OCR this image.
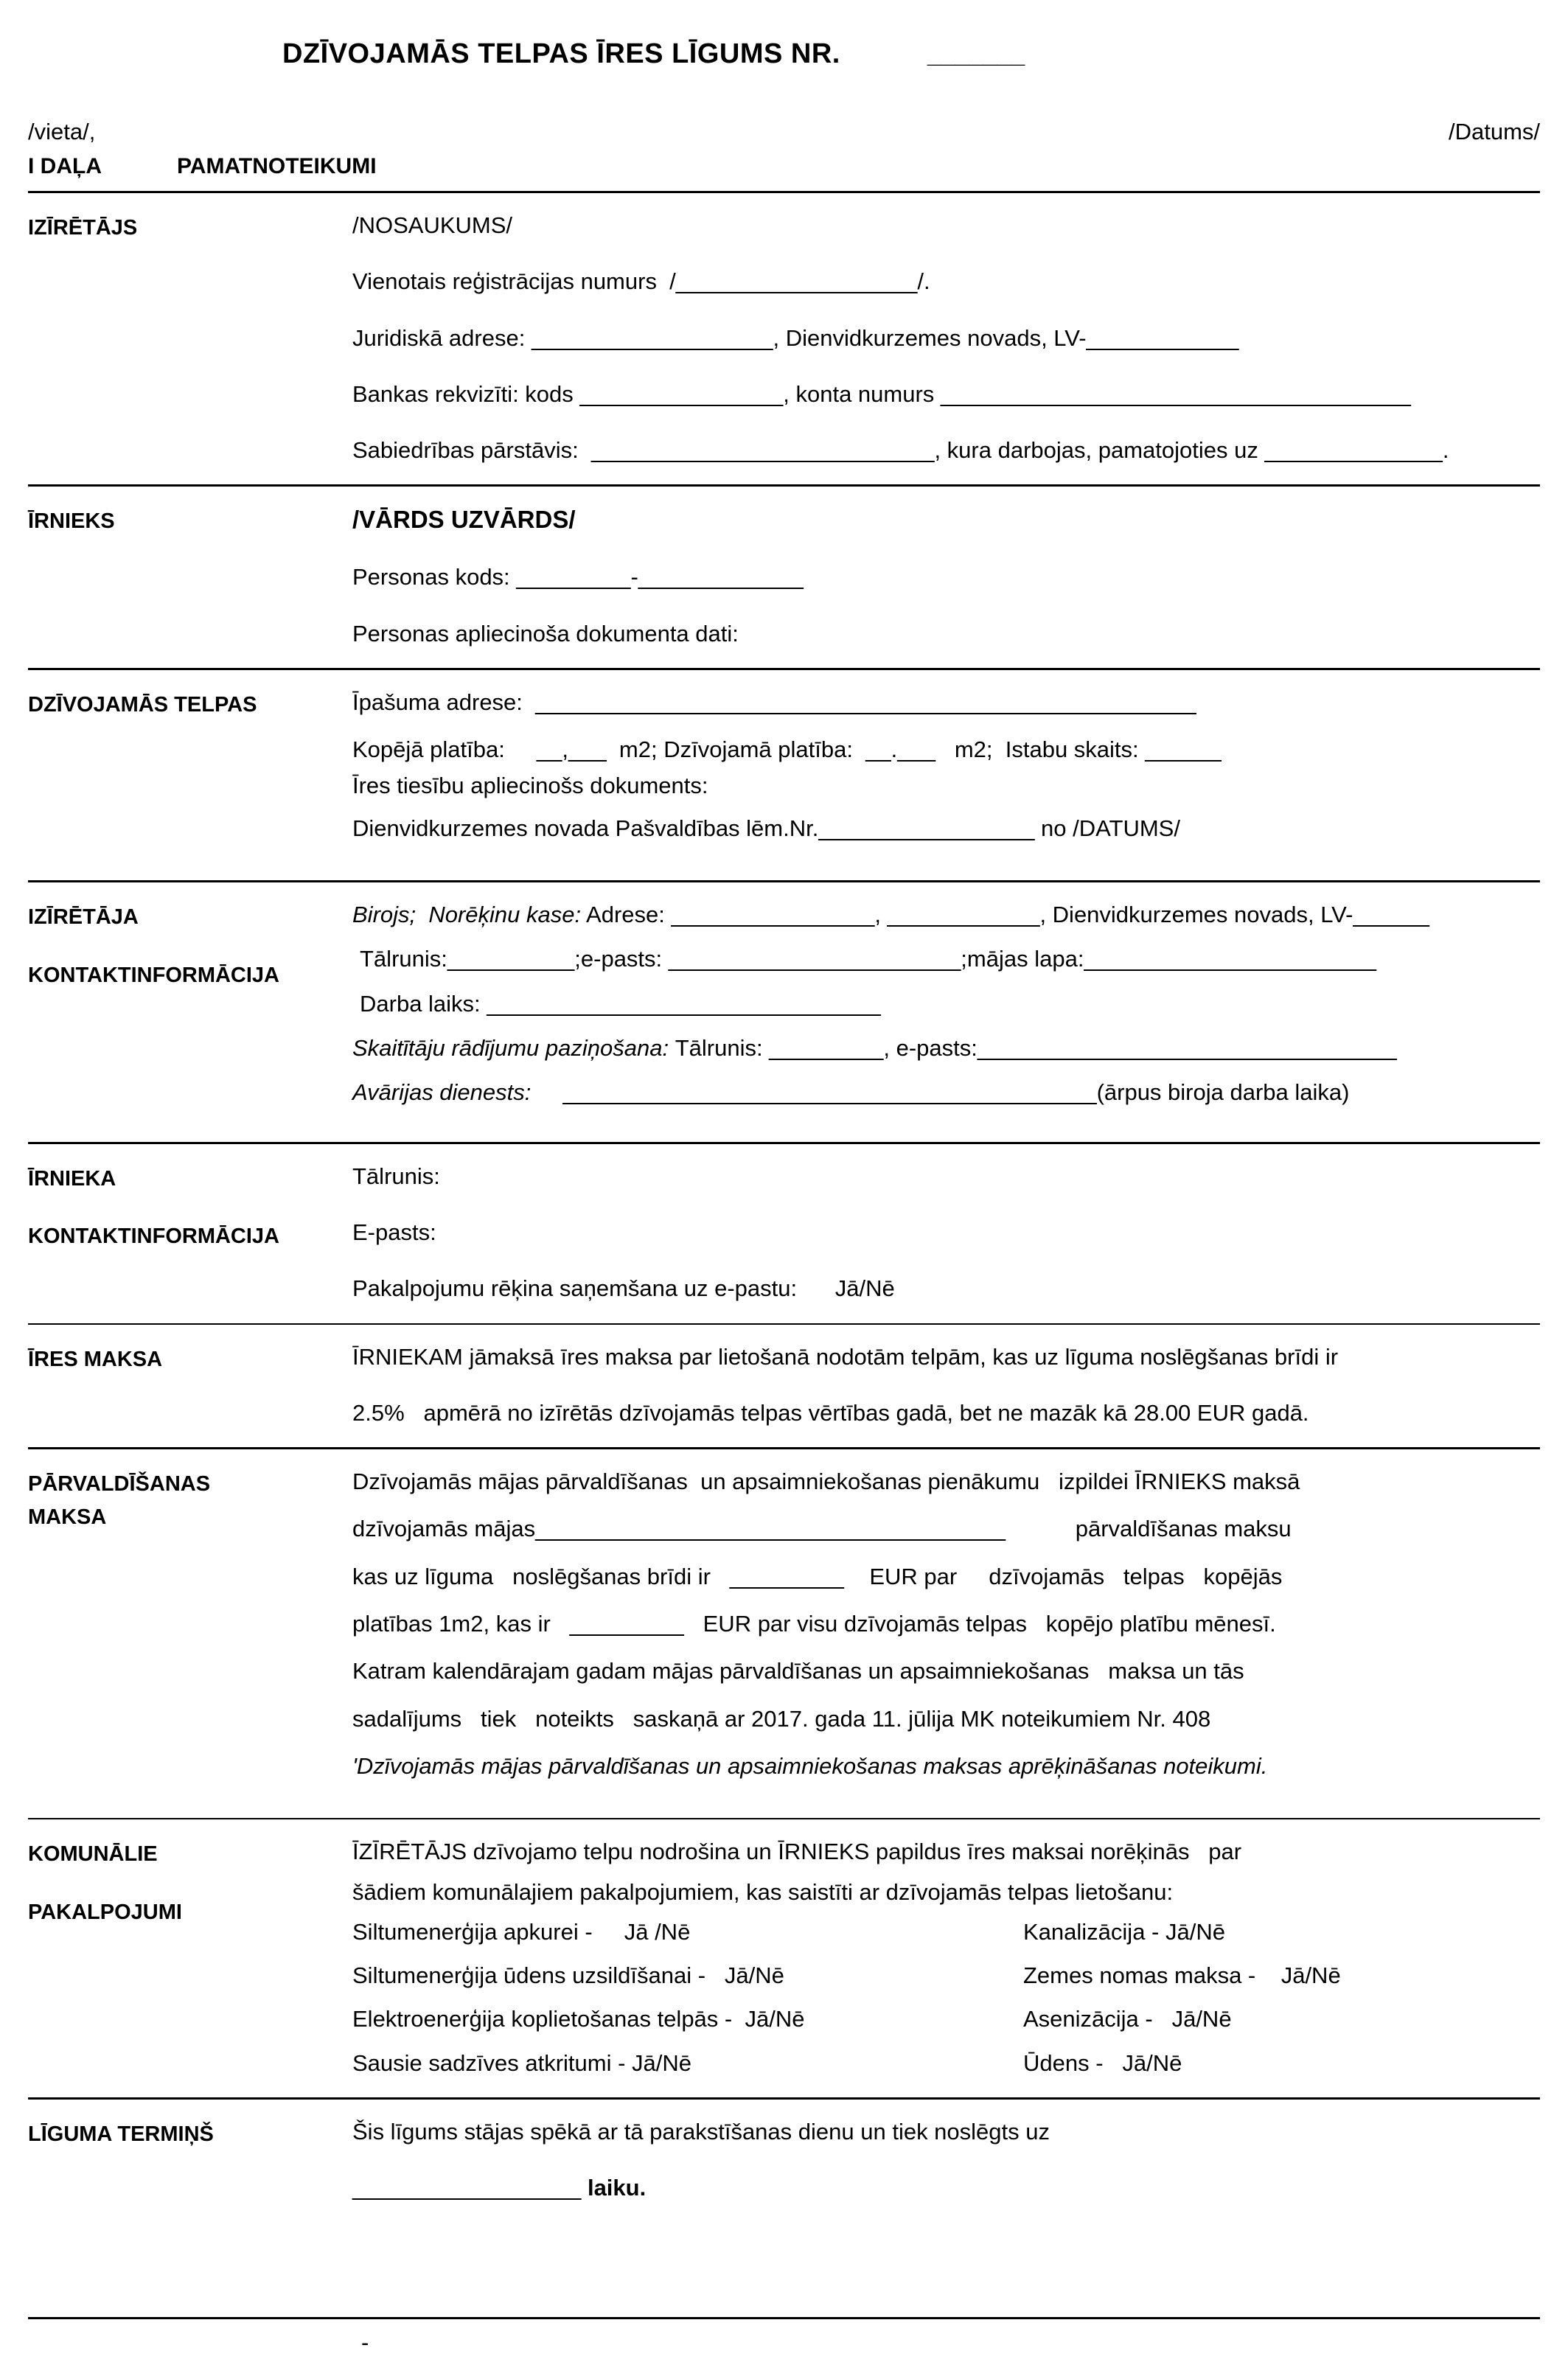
DZĪVOJAMĀS TELPAS ĪRES LĪGUMS NR.	_______
/vieta/,	/Datums/
I DAĻA	PAMATNOTEIKUMI
IZĪRĒTĀJS	/NOSAUKUMS/

Vienotais reģistrācijas numurs  /___________________/.

Juridiskā adrese: ___________________, Dienvidkurzemes novads, LV-____________

Bankas rekvizīti: kods ________________, konta numurs _____________________________________

Sabiedrības pārstāvis:  ___________________________, kura darbojas, pamatojoties uz ______________.

ĪRNIEKS	/VĀRDS UZVĀRDS/

Personas kods: _________-_____________

Personas apliecinoša dokumenta dati:

DZĪVOJAMĀS TELPAS	Īpašuma adrese:  ____________________________________________________

Kopējā platība:     __,___  m2; Dzīvojamā platība:  __.___   m2;  Istabu skaits: ______

Īres tiesību apliecinošs dokuments:

Dienvidkurzemes novada Pašvaldības lēm.Nr._________________ no /DATUMS/

IZĪRĒTĀJA
KONTAKTINFORMĀCIJA

Birojs;  Norēķinu kase: Adrese: ________________, ____________, Dienvidkurzemes novads, LV-______

Tālrunis:__________;e-pasts: _______________________;mājas lapa:_______________________

Darba laiks: _______________________________

Skaitītāju rādījumu paziņošana: Tālrunis: _________, e-pasts:_________________________________

Avārijas dienests:     __________________________________________(ārpus biroja darba laika)

ĪRNIEKA
KONTAKTINFORMĀCIJA

Tālrunis:

E-pasts:

Pakalpojumu rēķina saņemšana uz e-pastu:      Jā/Nē

ĪRES MAKSA	ĪRNIEKAM jāmaksā īres maksa par lietošanā nodotām telpām, kas uz līguma noslēgšanas brīdi ir

2.5%   apmērā no izīrētās dzīvojamās telpas vērtības gadā, bet ne mazāk kā 28.00 EUR gadā.

PĀRVALDĪŠANAS
MAKSA

Dzīvojamās mājas pārvaldīšanas  un apsaimniekošanas pienākumu   izpildei ĪRNIEKS maksā

dzīvojamās mājas_____________________________________           pārvaldīšanas maksu

kas uz līguma   noslēgšanas brīdi ir   _________    EUR par     dzīvojamās   telpas   kopējās

platības 1m2, kas ir   _________   EUR par visu dzīvojamās telpas   kopējo platību mēnesī.

Katram kalendārajam gadam mājas pārvaldīšanas un apsaimniekošanas   maksa un tās

sadalījums   tiek   noteikts   saskaņā ar 2017. gada 11. jūlija MK noteikumiem Nr. 408

'Dzīvojamās mājas pārvaldīšanas un apsaimniekošanas maksas aprēķināšanas noteikumi.

KOMUNĀLIE
PAKALPOJUMI

ĪZĪRĒTĀJS dzīvojamo telpu nodrošina un ĪRNIEKS papildus īres maksai norēķinās   par

šādiem komunālajiem pakalpojumiem, kas saistīti ar dzīvojamās telpas lietošanu:

Siltumenerģija apkurei -     Jā /Nē	Kanalizācija - Jā/Nē
Siltumenerģija ūdens uzsildīšanai -   Jā/Nē	Zemes nomas maksa -    Jā/Nē
Elektroenerģija koplietošanas telpās -  Jā/Nē	Asenizācija -   Jā/Nē
Sausie sadzīves atkritumi - Jā/Nē	Ūdens -   Jā/Nē
LĪGUMA TERMIŅŠ	Šis līgums stājas spēkā ar tā parakstīšanas dienu un tiek noslēgts uz

__________________ laiku.

-
